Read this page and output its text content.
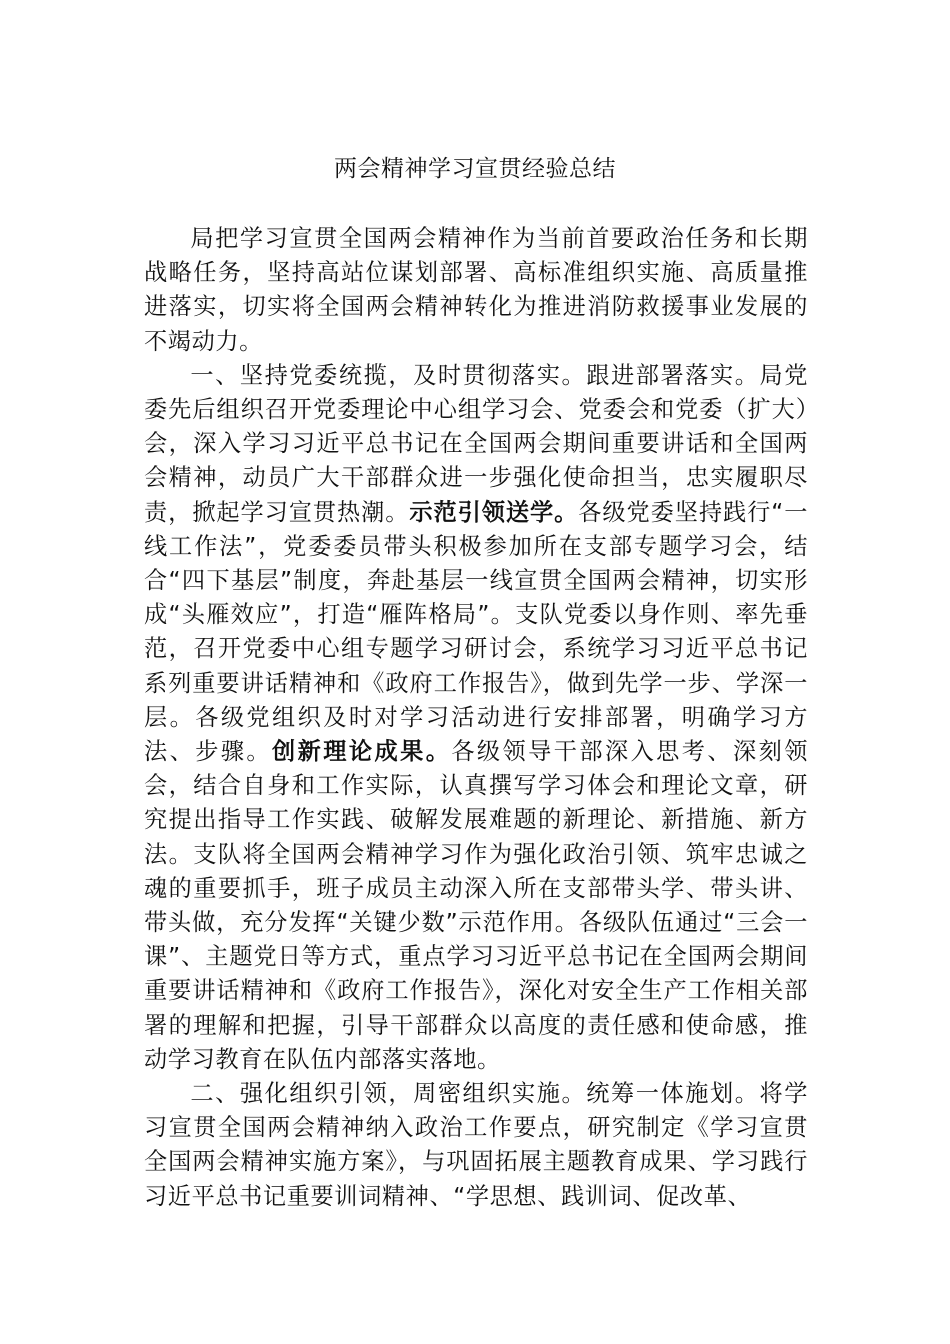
两会精神学习宣贯经验总结

局把学习宣贯全国两会精神作为当前首要政治任务和长期战略任务，坚持高站位谋划部署、高标准组织实施、高质量推进落实，切实将全国两会精神转化为推进消防救援事业发展的不竭动力。

一、坚持党委统揽，及时贯彻落实。跟进部署落实。局党委先后组织召开党委理论中心组学习会、党委会和党委（扩大）会，深入学习习近平总书记在全国两会期间重要讲话和全国两会精神，动员广大干部群众进一步强化使命担当，忠实履职尽责，掀起学习宣贯热潮。示范引领送学。各级党委坚持践行“一线工作法”，党委委员带头积极参加所在支部专题学习会，结合“四下基层”制度，奔赴基层一线宣贯全国两会精神，切实形成“头雁效应”，打造“雁阵格局”。支队党委以身作则、率先垂范，召开党委中心组专题学习研讨会，系统学习习近平总书记系列重要讲话精神和《政府工作报告》，做到先学一步、学深一层。各级党组织及时对学习活动进行安排部署，明确学习方法、步骤。创新理论成果。各级领导干部深入思考、深刻领会，结合自身和工作实际，认真撰写学习体会和理论文章，研究提出指导工作实践、破解发展难题的新理论、新措施、新方法。支队将全国两会精神学习作为强化政治引领、筑牢忠诚之魂的重要抓手，班子成员主动深入所在支部带头学、带头讲、带头做，充分发挥“关键少数”示范作用。各级队伍通过“三会一课”、主题党日等方式，重点学习习近平总书记在全国两会期间重要讲话精神和《政府工作报告》，深化对安全生产工作相关部署的理解和把握，引导干部群众以高度的责任感和使命感，推动学习教育在队伍内部落实落地。

二、强化组织引领，周密组织实施。统筹一体施划。将学习宣贯全国两会精神纳入政治工作要点，研究制定《学习宣贯全国两会精神实施方案》，与巩固拓展主题教育成果、学习践行习近平总书记重要训词精神、“学思想、践训词、促改革、
